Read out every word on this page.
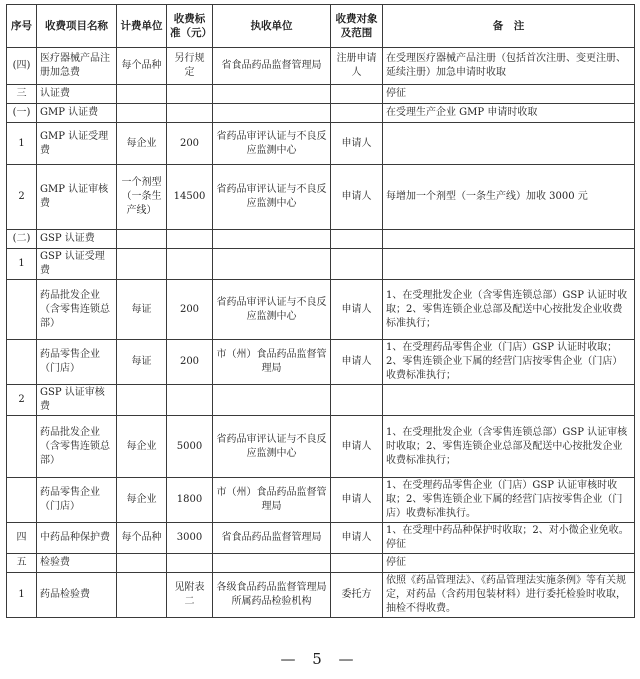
序号	收费项目名称	计费单位	收费标准（元）	执收单位	收费对象及范围	备　注
(四)	医疗器械产品注册加急费	每个品种	另行规定	省食品药品监督管理局	注册申请人	在受理医疗器械产品注册（包括首次注册、变更注册、延续注册）加急申请时收取
三	认证费					停征
(一)	GMP 认证费					在受理生产企业 GMP 申请时收取
1	GMP 认证受理费	每企业	200	省药品审评认证与不良反应监测中心	申请人	
2	GMP 认证审核费	一个剂型（一条生产线）	14500	省药品审评认证与不良反应监测中心	申请人	每增加一个剂型（一条生产线）加收 3000 元
(二)	GSP 认证费					
1	GSP 认证受理费					
	药品批发企业（含零售连锁总部）	每证	200	省药品审评认证与不良反应监测中心	申请人	1、在受理批发企业（含零售连锁总部）GSP 认证时收取；2、零售连锁企业总部及配送中心按批发企业收费标准执行；
	药品零售企业（门店）	每证	200	市（州）食品药品监督管理局	申请人	1、在受理药品零售企业（门店）GSP 认证时收取；2、零售连锁企业下属的经营门店按零售企业（门店）收费标准执行；
2	GSP 认证审核费					
	药品批发企业（含零售连锁总部）	每企业	5000	省药品审评认证与不良反应监测中心	申请人	1、在受理批发企业（含零售连锁总部）GSP 认证审核时收取；2、零售连锁企业总部及配送中心按批发企业收费标准执行；
	药品零售企业（门店）	每企业	1800	市（州）食品药品监督管理局	申请人	1、在受理药品零售企业（门店）GSP 认证审核时收取；2、零售连锁企业下属的经营门店按零售企业（门店）收费标准执行。
四	中药品种保护费	每个品种	3000	省食品药品监督管理局	申请人	1、在受理中药品种保护时收取；2、对小微企业免收。停征
五	检验费					停征
1	药品检验费		见附表二	各级食品药品监督管理局所属药品检验机构	委托方	依照《药品管理法》、《药品管理法实施条例》等有关规定，对药品（含药用包装材料）进行委托检验时收取，抽检不得收费。
— 5 —
